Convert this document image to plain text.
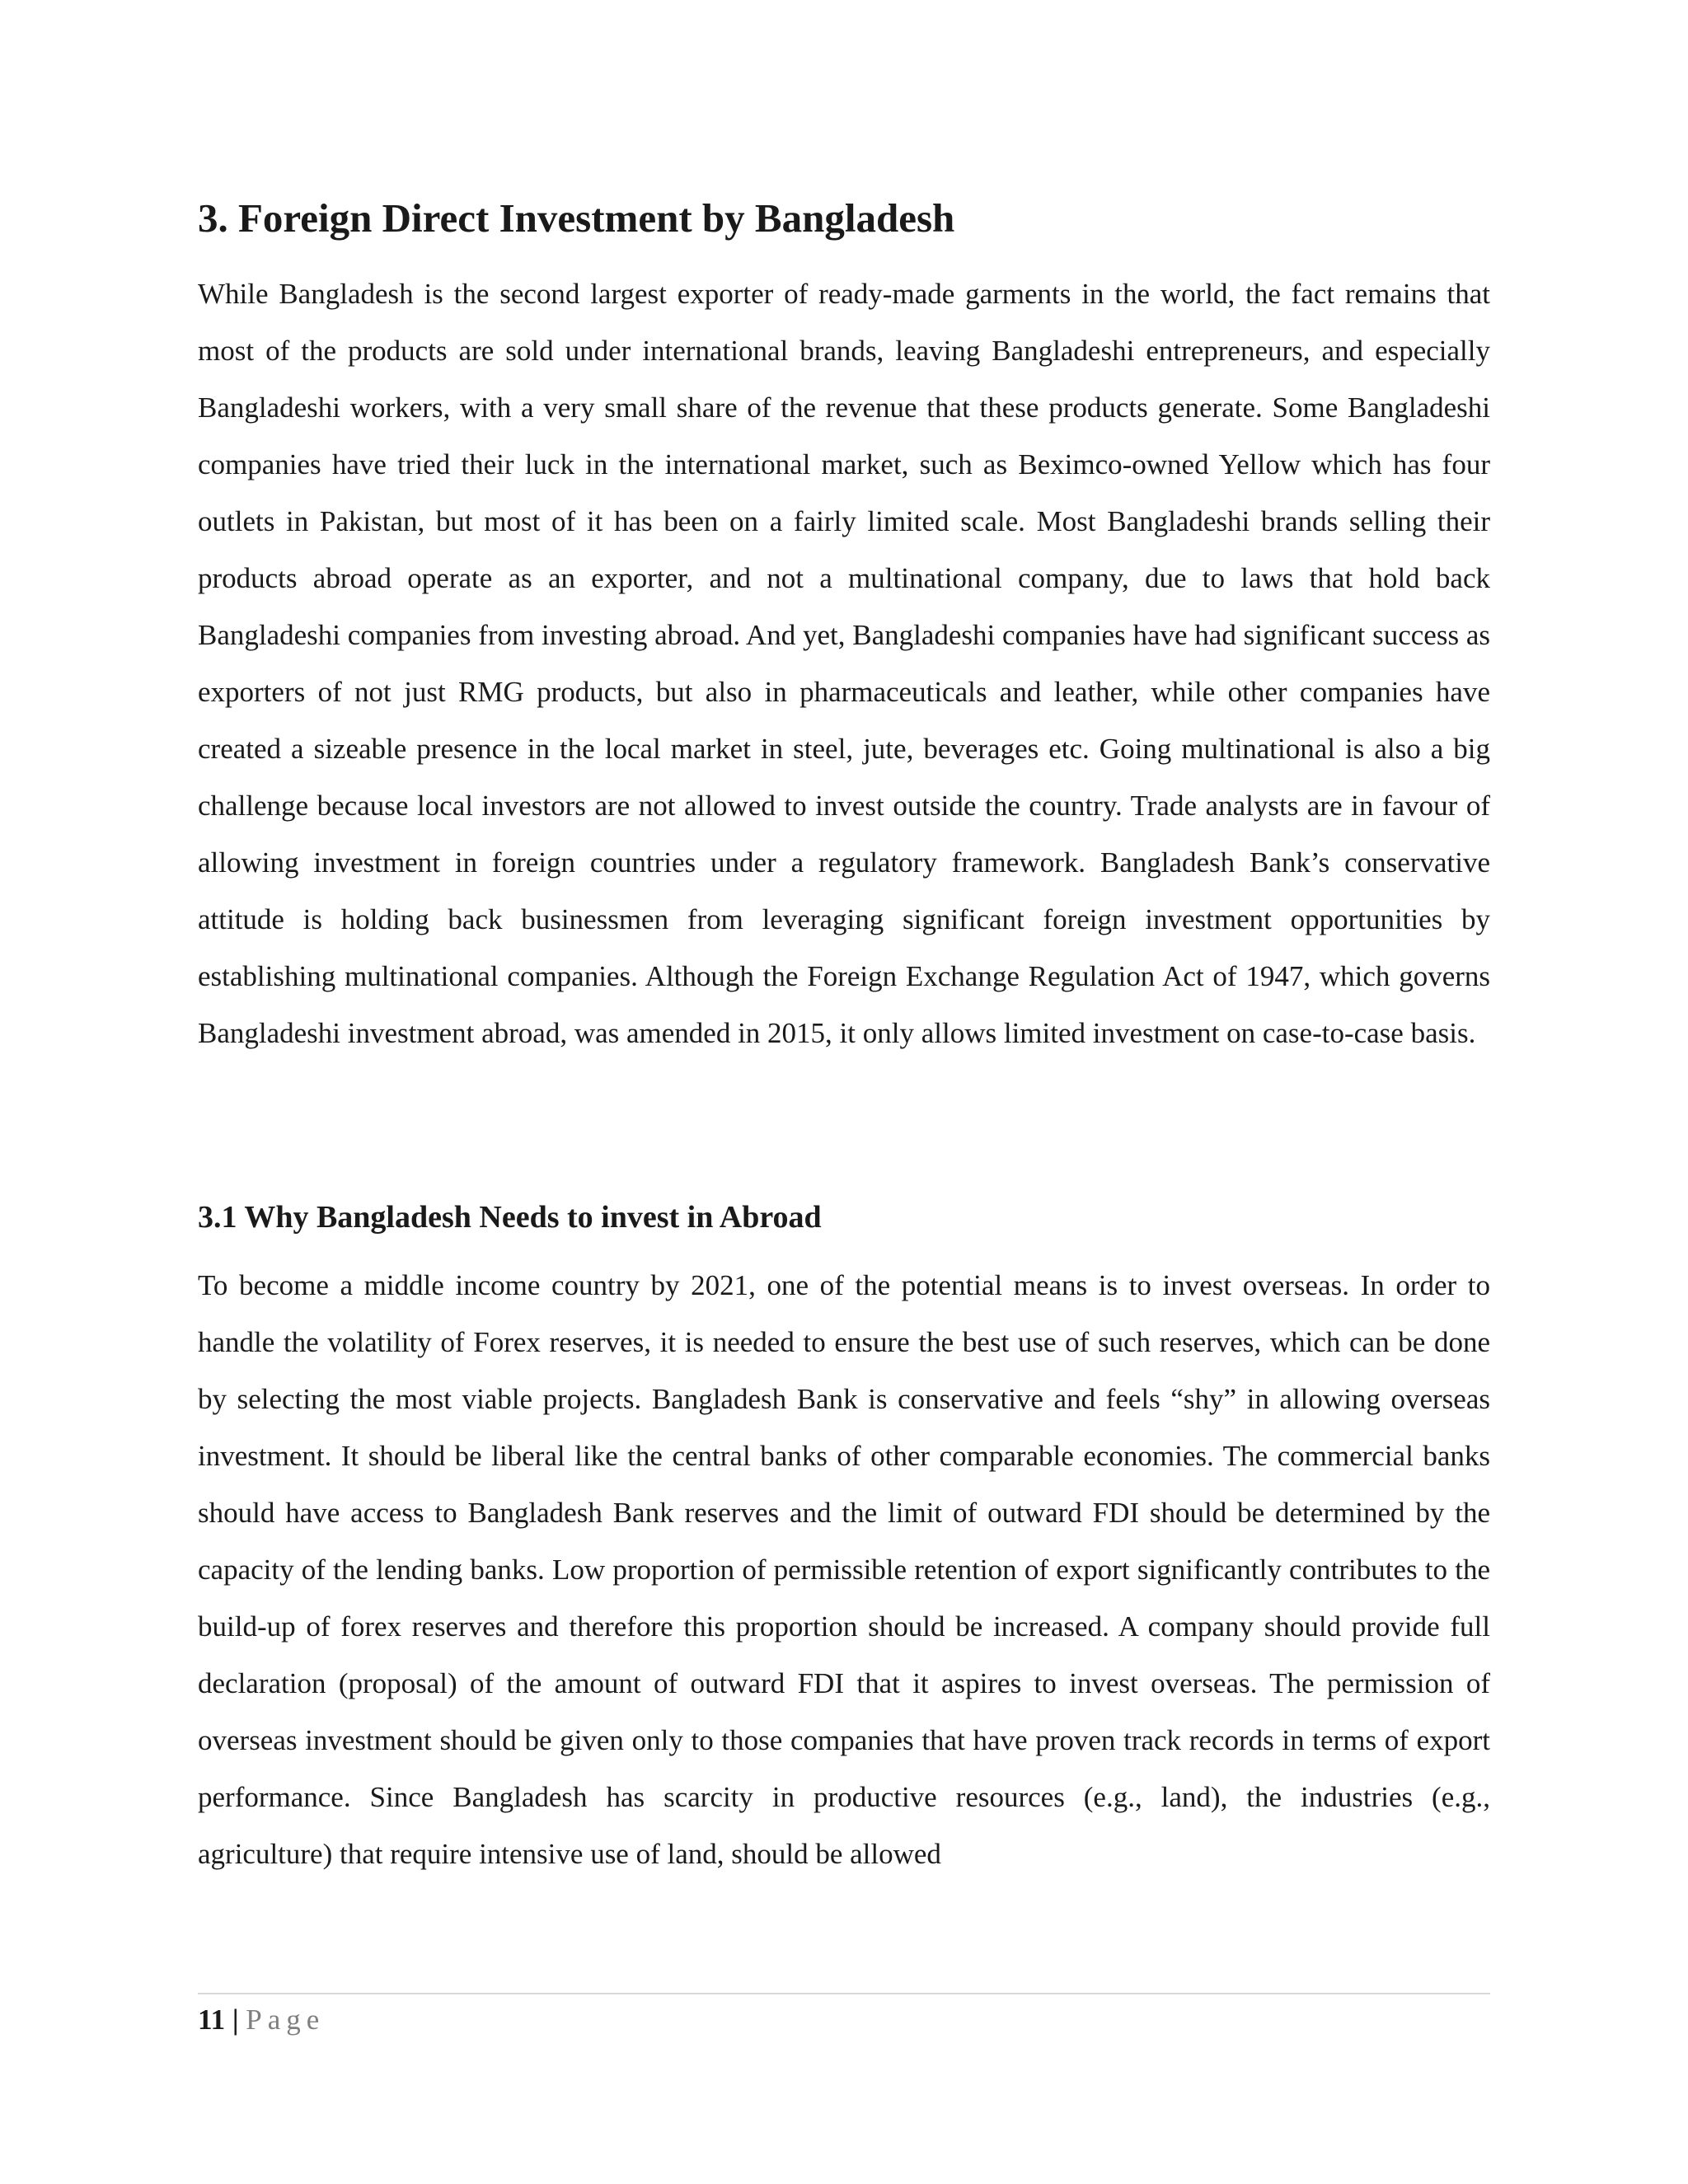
3. Foreign Direct Investment by Bangladesh

While Bangladesh is the second largest exporter of ready-made garments in the world, the fact remains that most of the products are sold under international brands, leaving Bangladeshi entrepreneurs, and especially Bangladeshi workers, with a very small share of the revenue that these products generate. Some Bangladeshi companies have tried their luck in the international market, such as Beximco-owned Yellow which has four outlets in Pakistan, but most of it has been on a fairly limited scale. Most Bangladeshi brands selling their products abroad operate as an exporter, and not a multinational company, due to laws that hold back Bangladeshi companies from investing abroad. And yet, Bangladeshi companies have had significant success as exporters of not just RMG products, but also in pharmaceuticals and leather, while other companies have created a sizeable presence in the local market in steel, jute, beverages etc. Going multinational is also a big challenge because local investors are not allowed to invest outside the country. Trade analysts are in favour of allowing investment in foreign countries under a regulatory framework. Bangladesh Bank’s conservative attitude is holding back businessmen from leveraging significant foreign investment opportunities by establishing multinational companies. Although the Foreign Exchange Regulation Act of 1947, which governs Bangladeshi investment abroad, was amended in 2015, it only allows limited investment on case-to-case basis.

3.1 Why Bangladesh Needs to invest in Abroad

To become a middle income country by 2021, one of the potential means is to invest overseas. In order to handle the volatility of Forex reserves, it is needed to ensure the best use of such reserves, which can be done by selecting the most viable projects. Bangladesh Bank is conservative and feels “shy” in allowing overseas investment. It should be liberal like the central banks of other comparable economies. The commercial banks should have access to Bangladesh Bank reserves and the limit of outward FDI should be determined by the capacity of the lending banks. Low proportion of permissible retention of export significantly contributes to the build-up of forex reserves and therefore this proportion should be increased. A company should provide full declaration (proposal) of the amount of outward FDI that it aspires to invest overseas. The permission of overseas investment should be given only to those companies that have proven track records in terms of export performance. Since Bangladesh has scarcity in productive resources (e.g., land), the industries (e.g., agriculture) that require intensive use of land, should be allowed

11 | Page
